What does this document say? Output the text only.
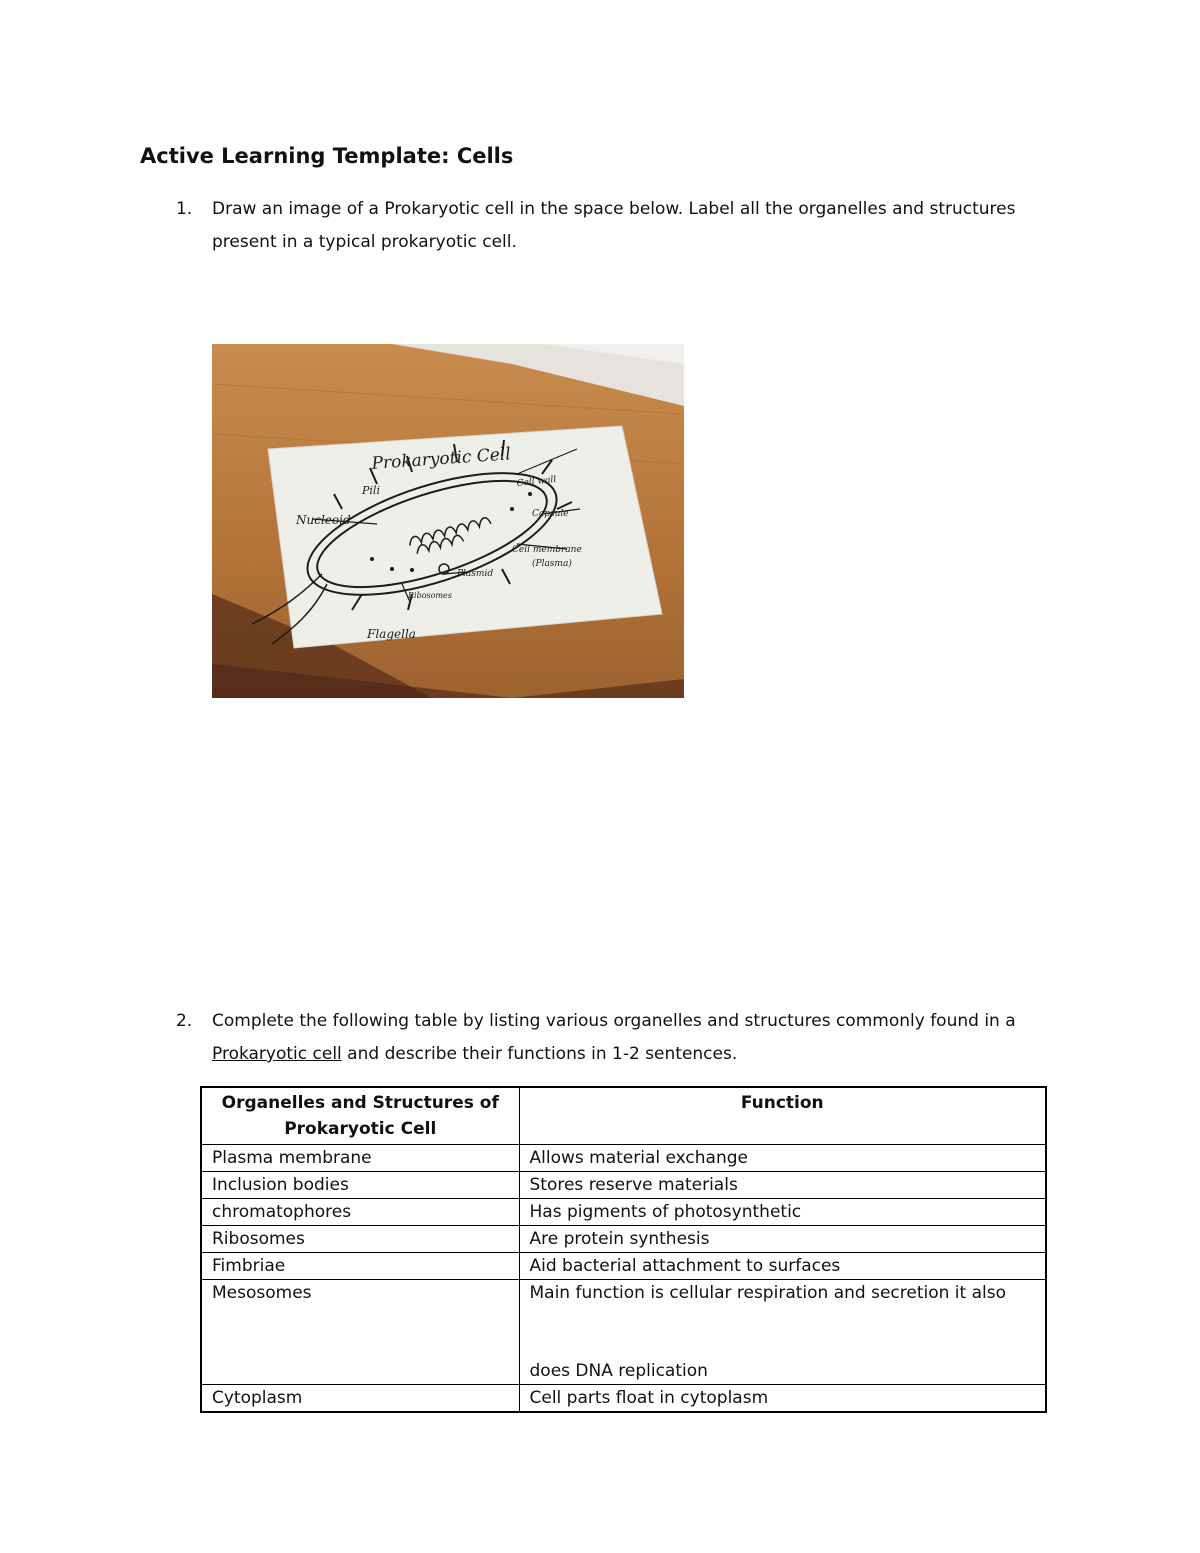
Active Learning Template: Cells
1. Draw an image of a Prokaryotic cell in the space below. Label all the organelles and structures
present in a typical prokaryotic cell.
Prokaryotic Cell
Pili
Nucleoid
Cell wall
Capsule
Cell membrane
(Plasma)
Plasmid
Ribosomes
Flagella
2. Complete the following table by listing various organelles and structures commonly found in a
Prokaryotic cell and describe their functions in 1-2 sentences.
Organelles and Structures of
Prokaryotic Cell	Function
Plasma membrane	Allows material exchange
Inclusion bodies	Stores reserve materials
chromatophores	Has pigments of photosynthetic
Ribosomes	Are protein synthesis
Fimbriae	Aid bacterial attachment to surfaces
Mesosomes	Main function is cellular respiration and secretion it also
does DNA replication
Cytoplasm	Cell parts float in cytoplasm
